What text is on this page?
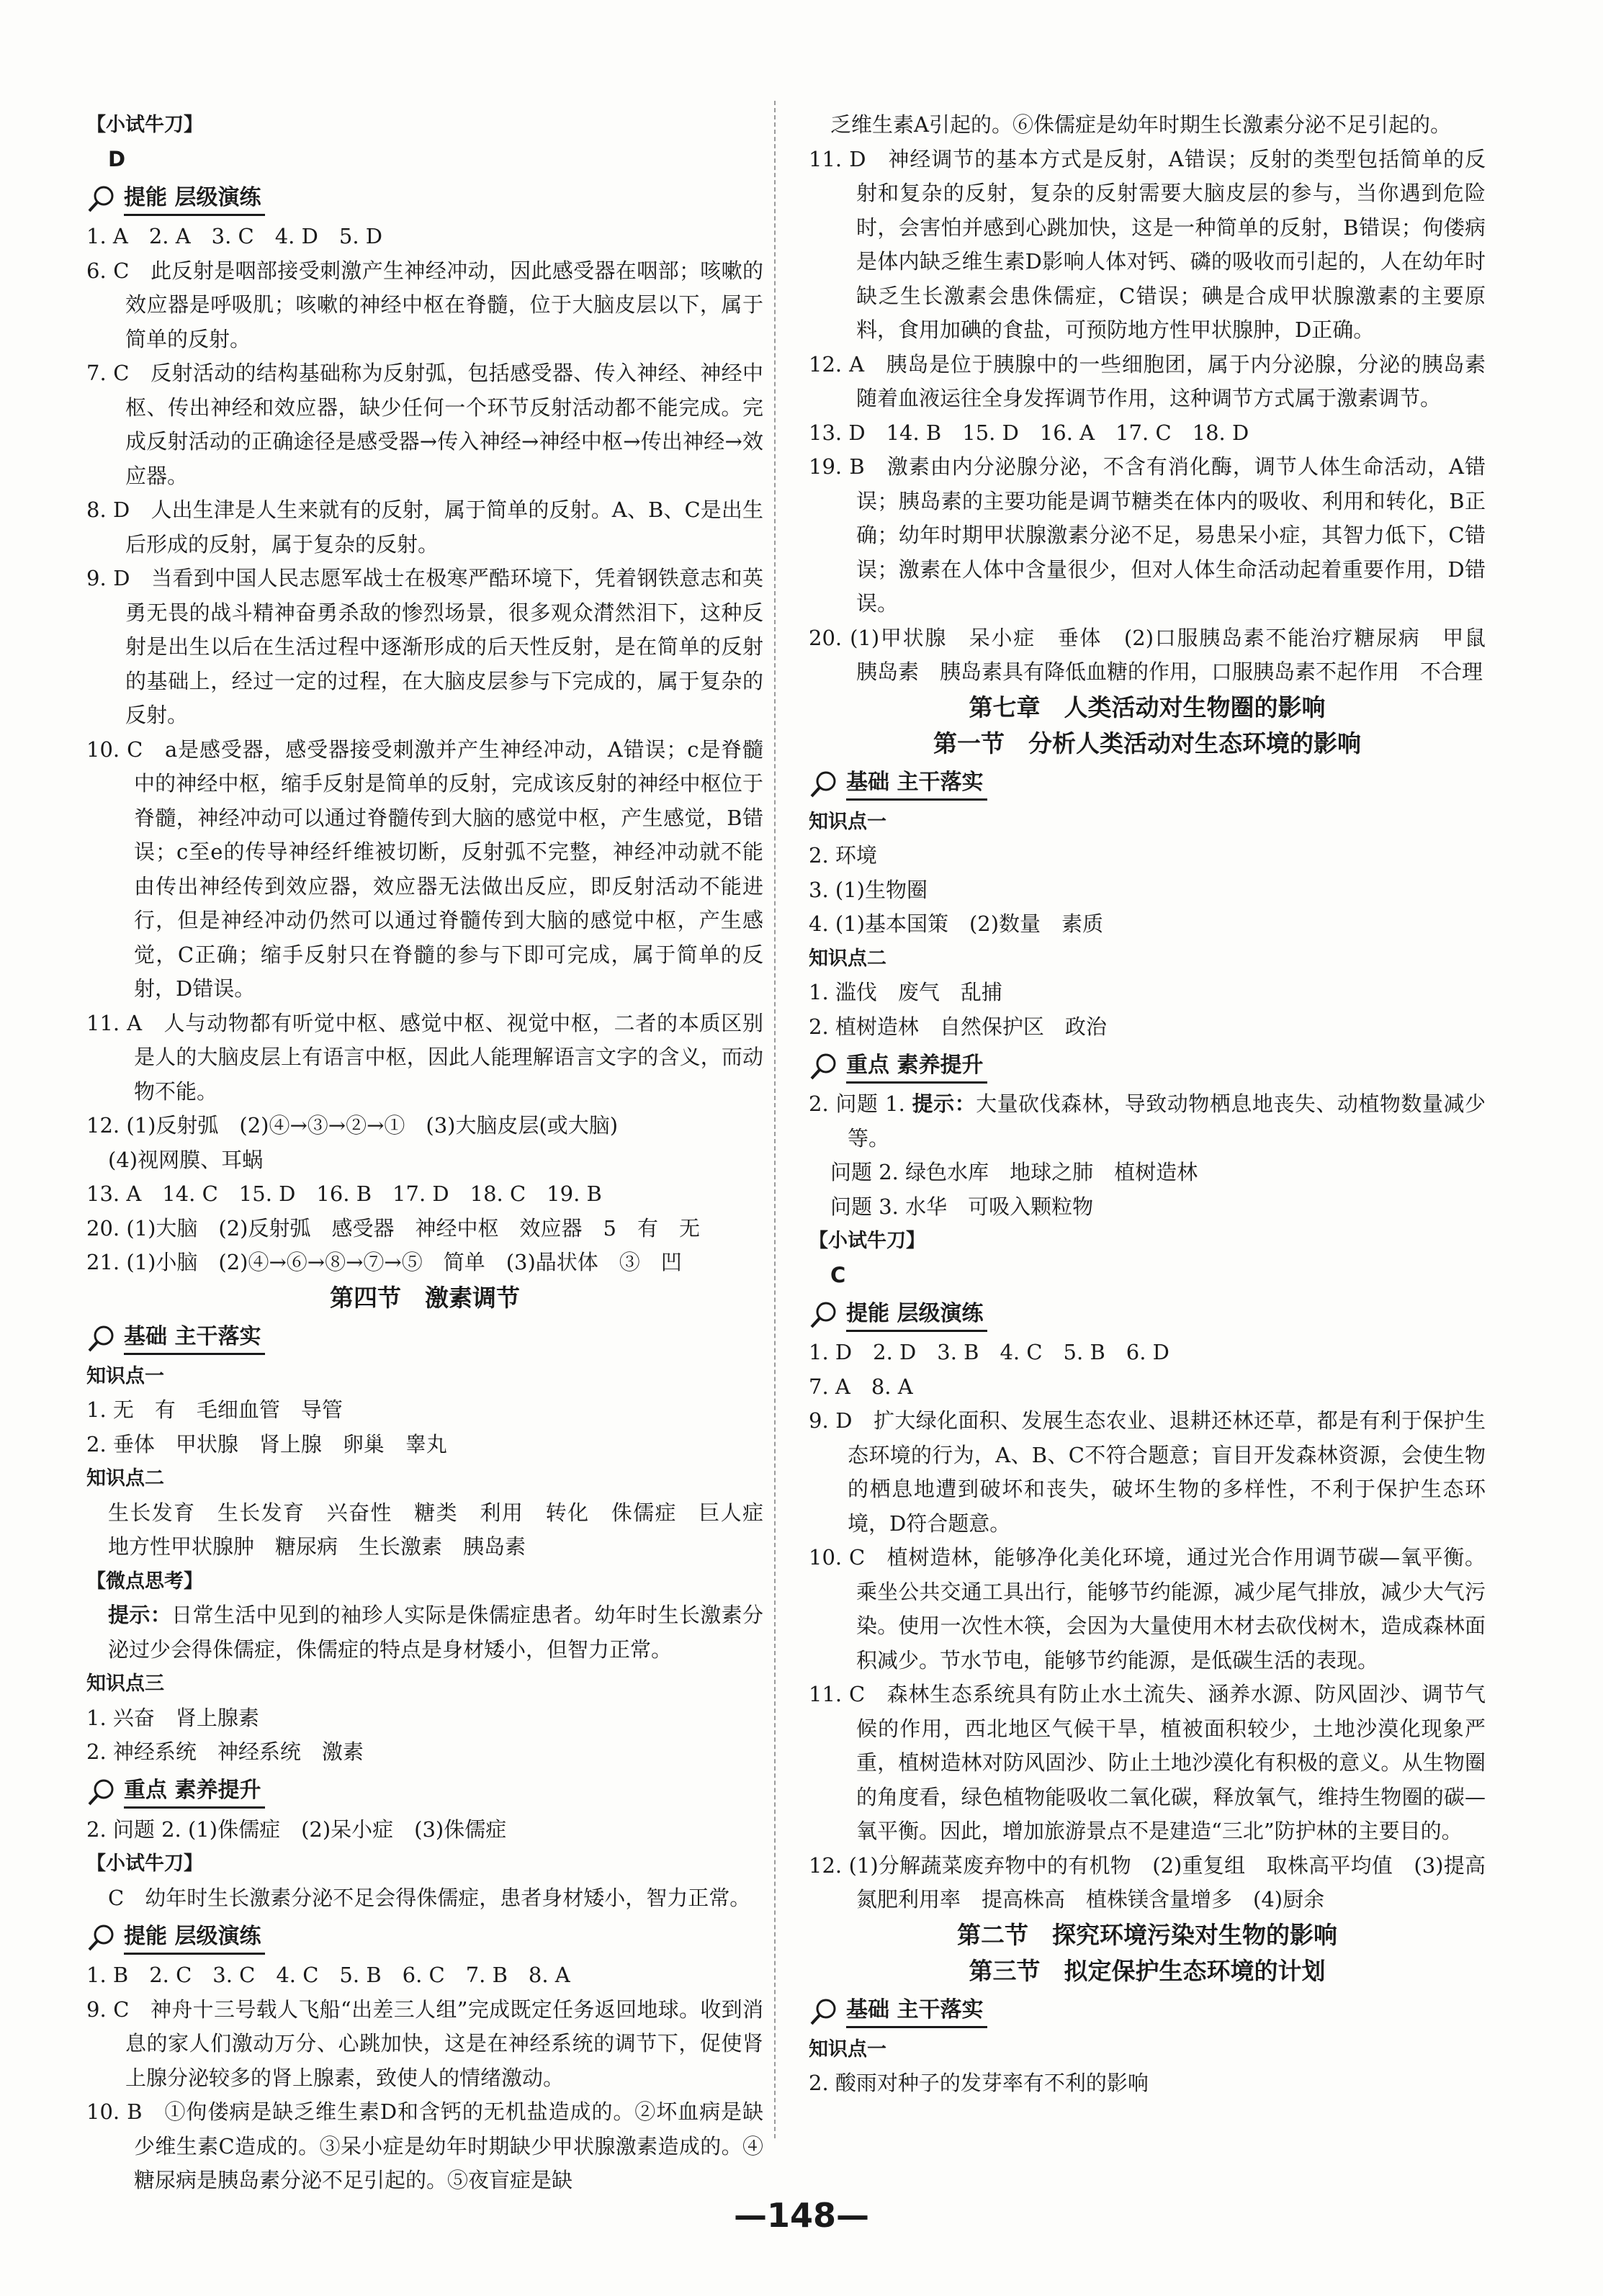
【小试牛刀】

D

提能 层级演练

1. A　2. A　3. C　4. D　5. D

6. C　此反射是咽部接受刺激产生神经冲动，因此感受器在咽部；咳嗽的效应器是呼吸肌；咳嗽的神经中枢在脊髓，位于大脑皮层以下，属于简单的反射。

7. C　反射活动的结构基础称为反射弧，包括感受器、传入神经、神经中枢、传出神经和效应器，缺少任何一个环节反射活动都不能完成。完成反射活动的正确途径是感受器→传入神经→神经中枢→传出神经→效应器。

8. D　人出生津是人生来就有的反射，属于简单的反射。A、B、C是出生后形成的反射，属于复杂的反射。

9. D　当看到中国人民志愿军战士在极寒严酷环境下，凭着钢铁意志和英勇无畏的战斗精神奋勇杀敌的惨烈场景，很多观众潸然泪下，这种反射是出生以后在生活过程中逐渐形成的后天性反射，是在简单的反射的基础上，经过一定的过程，在大脑皮层参与下完成的，属于复杂的反射。

10. C　a是感受器，感受器接受刺激并产生神经冲动，A错误；c是脊髓中的神经中枢，缩手反射是简单的反射，完成该反射的神经中枢位于脊髓，神经冲动可以通过脊髓传到大脑的感觉中枢，产生感觉，B错误；c至e的传导神经纤维被切断，反射弧不完整，神经冲动就不能由传出神经传到效应器，效应器无法做出反应，即反射活动不能进行，但是神经冲动仍然可以通过脊髓传到大脑的感觉中枢，产生感觉，C正确；缩手反射只在脊髓的参与下即可完成，属于简单的反射，D错误。

11. A　人与动物都有听觉中枢、感觉中枢、视觉中枢，二者的本质区别是人的大脑皮层上有语言中枢，因此人能理解语言文字的含义，而动物不能。

12. (1)反射弧　(2)④→③→②→①　(3)大脑皮层(或大脑)

(4)视网膜、耳蜗

13. A　14. C　15. D　16. B　17. D　18. C　19. B

20. (1)大脑　(2)反射弧　感受器　神经中枢　效应器　5　有　无

21. (1)小脑　(2)④→⑥→⑧→⑦→⑤　简单　(3)晶状体　③　凹

第四节　激素调节

基础 主干落实

知识点一

1. 无　有　毛细血管　导管

2. 垂体　甲状腺　肾上腺　卵巢　睾丸

知识点二

生长发育　生长发育　兴奋性　糖类　利用　转化　侏儒症　巨人症　地方性甲状腺肿　糖尿病　生长激素　胰岛素

【微点思考】

提示：日常生活中见到的袖珍人实际是侏儒症患者。幼年时生长激素分泌过少会得侏儒症，侏儒症的特点是身材矮小，但智力正常。

知识点三

1. 兴奋　肾上腺素

2. 神经系统　神经系统　激素

重点 素养提升

2. 问题 2. (1)侏儒症　(2)呆小症　(3)侏儒症

【小试牛刀】

C　幼年时生长激素分泌不足会得侏儒症，患者身材矮小，智力正常。

提能 层级演练

1. B　2. C　3. C　4. C　5. B　6. C　7. B　8. A

9. C　神舟十三号载人飞船“出差三人组”完成既定任务返回地球。收到消息的家人们激动万分、心跳加快，这是在神经系统的调节下，促使肾上腺分泌较多的肾上腺素，致使人的情绪激动。

10. B　①佝偻病是缺乏维生素D和含钙的无机盐造成的。②坏血病是缺少维生素C造成的。③呆小症是幼年时期缺少甲状腺激素造成的。④糖尿病是胰岛素分泌不足引起的。⑤夜盲症是缺

乏维生素A引起的。⑥侏儒症是幼年时期生长激素分泌不足引起的。

11. D　神经调节的基本方式是反射，A错误；反射的类型包括简单的反射和复杂的反射，复杂的反射需要大脑皮层的参与，当你遇到危险时，会害怕并感到心跳加快，这是一种简单的反射，B错误；佝偻病是体内缺乏维生素D影响人体对钙、磷的吸收而引起的，人在幼年时缺乏生长激素会患侏儒症，C错误；碘是合成甲状腺激素的主要原料，食用加碘的食盐，可预防地方性甲状腺肿，D正确。

12. A　胰岛是位于胰腺中的一些细胞团，属于内分泌腺，分泌的胰岛素随着血液运往全身发挥调节作用，这种调节方式属于激素调节。

13. D　14. B　15. D　16. A　17. C　18. D

19. B　激素由内分泌腺分泌，不含有消化酶，调节人体生命活动，A错误；胰岛素的主要功能是调节糖类在体内的吸收、利用和转化，B正确；幼年时期甲状腺激素分泌不足，易患呆小症，其智力低下，C错误；激素在人体中含量很少，但对人体生命活动起着重要作用，D错误。

20. (1)甲状腺　呆小症　垂体　(2)口服胰岛素不能治疗糖尿病　甲鼠　胰岛素　胰岛素具有降低血糖的作用，口服胰岛素不起作用　不合理

第七章　人类活动对生物圈的影响

第一节　分析人类活动对生态环境的影响

基础 主干落实

知识点一

2. 环境

3. (1)生物圈

4. (1)基本国策　(2)数量　素质

知识点二

1. 滥伐　废气　乱捕

2. 植树造林　自然保护区　政治

重点 素养提升

2. 问题 1. 提示：大量砍伐森林，导致动物栖息地丧失、动植物数量减少等。

问题 2. 绿色水库　地球之肺　植树造林

问题 3. 水华　可吸入颗粒物

【小试牛刀】

C

提能 层级演练

1. D　2. D　3. B　4. C　5. B　6. D

7. A　8. A

9. D　扩大绿化面积、发展生态农业、退耕还林还草，都是有利于保护生态环境的行为，A、B、C不符合题意；盲目开发森林资源，会使生物的栖息地遭到破坏和丧失，破坏生物的多样性，不利于保护生态环境，D符合题意。

10. C　植树造林，能够净化美化环境，通过光合作用调节碳—氧平衡。乘坐公共交通工具出行，能够节约能源，减少尾气排放，减少大气污染。使用一次性木筷，会因为大量使用木材去砍伐树木，造成森林面积减少。节水节电，能够节约能源，是低碳生活的表现。

11. C　森林生态系统具有防止水土流失、涵养水源、防风固沙、调节气候的作用，西北地区气候干旱，植被面积较少，土地沙漠化现象严重，植树造林对防风固沙、防止土地沙漠化有积极的意义。从生物圈的角度看，绿色植物能吸收二氧化碳，释放氧气，维持生物圈的碳—氧平衡。因此，增加旅游景点不是建造“三北”防护林的主要目的。

12. (1)分解蔬菜废弃物中的有机物　(2)重复组　取株高平均值　(3)提高氮肥利用率　提高株高　植株镁含量增多　(4)厨余

第二节　探究环境污染对生物的影响

第三节　拟定保护生态环境的计划

基础 主干落实

知识点一

2. 酸雨对种子的发芽率有不利的影响

—148—
